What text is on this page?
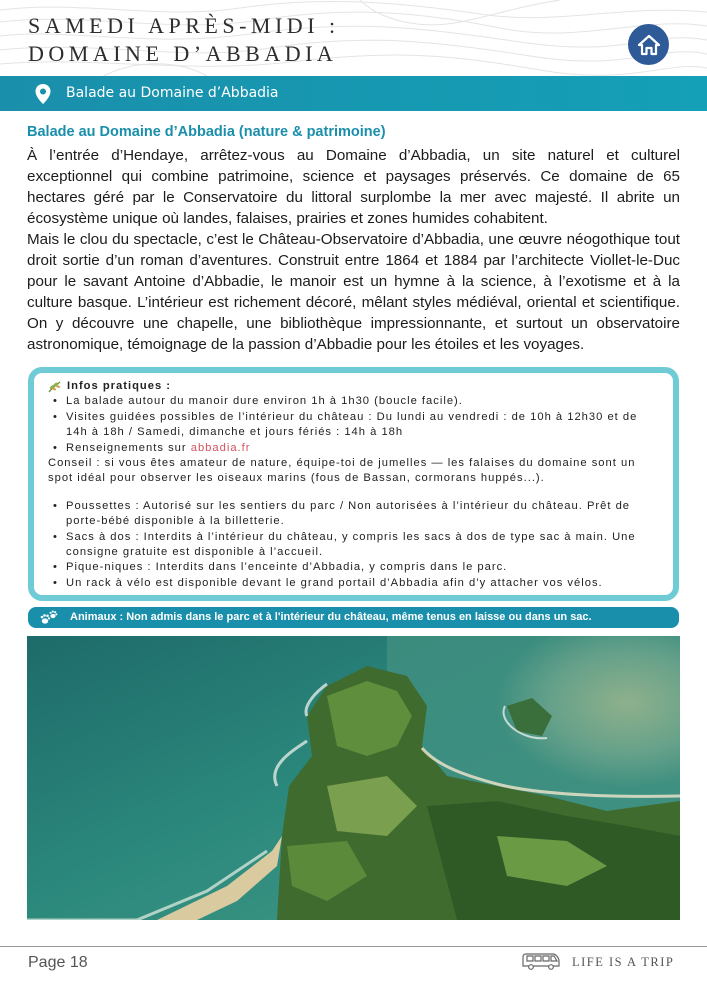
SAMEDI APRÈS-MIDI :
DOMAINE D’ABBADIA
Balade au Domaine d’Abbadia
Balade au Domaine d’Abbadia (nature & patrimoine)

À l’entrée d’Hendaye, arrêtez-vous au Domaine d’Abbadia, un site naturel et culturel exceptionnel qui combine patrimoine, science et paysages préservés. Ce domaine de 65 hectares géré par le Conservatoire du littoral surplombe la mer avec majesté. Il abrite un écosystème unique où landes, falaises, prairies et zones humides cohabitent.

Mais le clou du spectacle, c’est le Château-Observatoire d’Abbadia, une œuvre néogothique tout droit sortie d’un roman d’aventures. Construit entre 1864 et 1884 par l’architecte Viollet-le-Duc pour le savant Antoine d’Abbadie, le manoir est un hymne à la science, à l’exotisme et à la culture basque. L’intérieur est richement décoré, mêlant styles médiéval, oriental et scientifique. On y découvre une chapelle, une bibliothèque impressionnante, et surtout un observatoire astronomique, témoignage de la passion d’Abbadie pour les étoiles et les voyages.

Infos pratiques :
• La balade autour du manoir dure environ 1h à 1h30 (boucle facile).
• Visites guidées possibles de l’intérieur du château : Du lundi au vendredi : de 10h à 12h30 et de 14h à 18h / Samedi, dimanche et jours fériés : 14h à 18h
• Renseignements sur abbadia.fr
Conseil : si vous êtes amateur de nature, équipe-toi de jumelles — les falaises du domaine sont un spot idéal pour observer les oiseaux marins (fous de Bassan, cormorans huppés...).
• Poussettes : Autorisé sur les sentiers du parc / Non autorisées à l’intérieur du château. Prêt de porte-bébé disponible à la billetterie.
• Sacs à dos : Interdits à l’intérieur du château, y compris les sacs à dos de type sac à main. Une consigne gratuite est disponible à l’accueil.
• Pique-niques : Interdits dans l’enceinte d’Abbadia, y compris dans le parc.
• Un rack à vélo est disponible devant le grand portail d’Abbadia afin d’y attacher vos vélos.
Animaux : Non admis dans le parc et à l'intérieur du château, même tenus en laisse ou dans un sac.
Page 18	LIFE IS A TRIP
